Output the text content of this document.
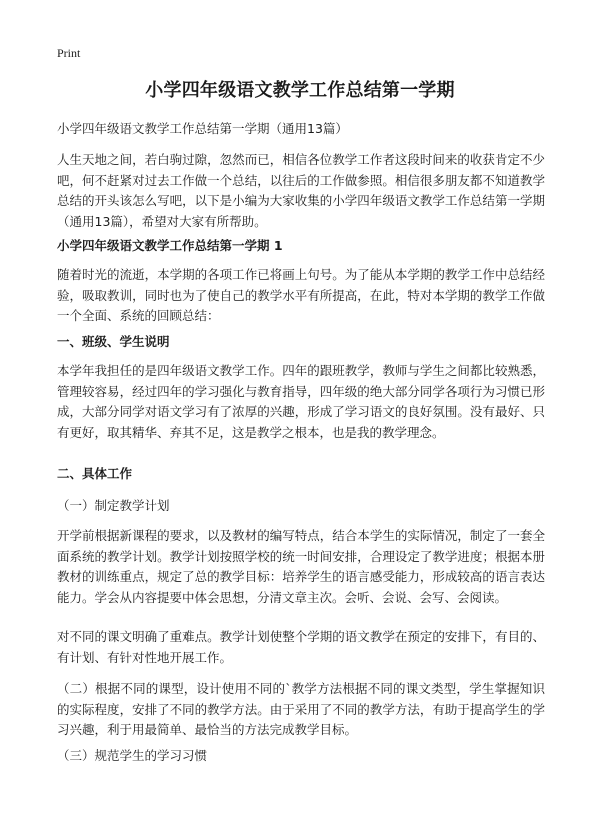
Print
小学四年级语文教学工作总结第一学期

小学四年级语文教学工作总结第一学期（通用13篇）

人生天地之间，若白驹过隙，忽然而已，相信各位教学工作者这段时间来的收获肯定不少吧，何不赶紧对过去工作做一个总结，以往后的工作做参照。相信很多朋友都不知道教学总结的开头该怎么写吧，以下是小编为大家收集的小学四年级语文教学工作总结第一学期（通用13篇），希望对大家有所帮助。

小学四年级语文教学工作总结第一学期 1

随着时光的流逝，本学期的各项工作已将画上句号。为了能从本学期的教学工作中总结经验，吸取教训，同时也为了使自己的教学水平有所提高，在此，特对本学期的教学工作做一个全面、系统的回顾总结：

一、班级、学生说明

本学年我担任的是四年级语文教学工作。四年的跟班教学，教师与学生之间都比较熟悉，管理较容易，经过四年的学习强化与教育指导，四年级的绝大部分同学各项行为习惯已形成，大部分同学对语文学习有了浓厚的兴趣，形成了学习语文的良好氛围。没有最好、只有更好，取其精华、弃其不足，这是教学之根本，也是我的教学理念。

二、具体工作

（一）制定教学计划

开学前根据新课程的要求，以及教材的编写特点，结合本学生的实际情况，制定了一套全面系统的教学计划。教学计划按照学校的统一时间安排，合理设定了教学进度；根据本册教材的训练重点，规定了总的教学目标：培养学生的语言感受能力，形成较高的语言表达能力。学会从内容提要中体会思想，分清文章主次。会听、会说、会写、会阅读。

对不同的课文明确了重难点。教学计划使整个学期的语文教学在预定的安排下，有目的、有计划、有针对性地开展工作。

（二）根据不同的课型，设计使用不同的`教学方法根据不同的课文类型，学生掌握知识的实际程度，安排了不同的教学方法。由于采用了不同的教学方法，有助于提高学生的学习兴趣，利于用最简单、最恰当的方法完成教学目标。

（三）规范学生的学习习惯
